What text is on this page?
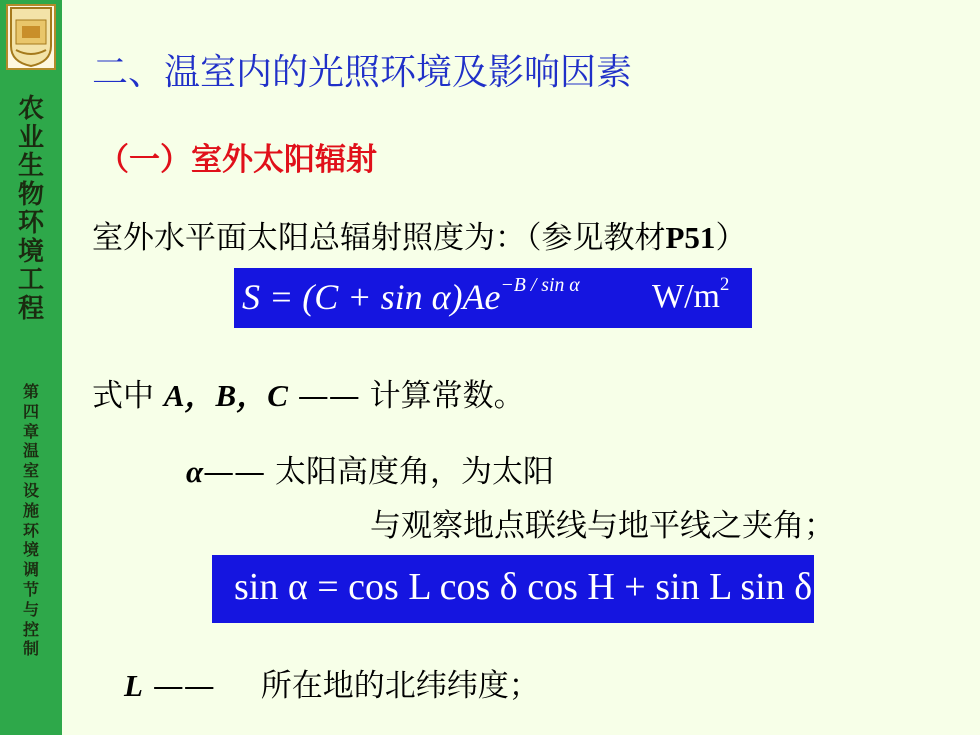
农
业
生
物
环
境
工
程
第
四
章
温
室
设
施
环
境
调
节
与
控
制
二、温室内的光照环境及影响因素
（一）室外太阳辐射
室外水平面太阳总辐射照度为：（参见教材P51）
$S = (C + \sin \alpha)Ae^{-B / sin \alpha}$ $W/m^2$
式中 A，B，C —— 计算常数。
α—— 太阳高度角，为太阳
与观察地点联线与地平线之夹角；
sin α = cos L cos δ cos H + sin L sin δ
L —— 所在地的北纬纬度；
